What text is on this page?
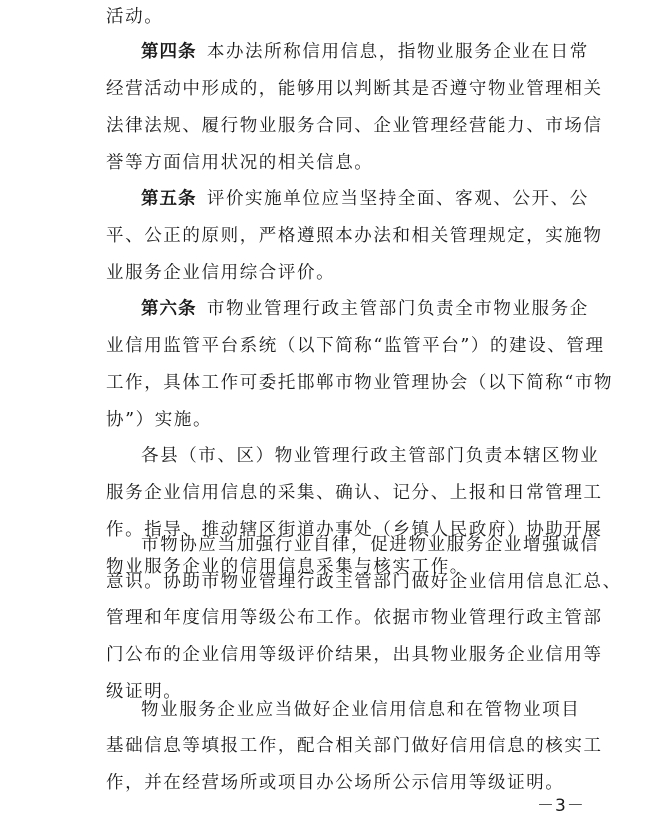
活动。
第四条  本办法所称信用信息，指物业服务企业在日常
经营活动中形成的，能够用以判断其是否遵守物业管理相关
法律法规、履行物业服务合同、企业管理经营能力、市场信
誉等方面信用状况的相关信息。
第五条  评价实施单位应当坚持全面、客观、公开、公
平、公正的原则，严格遵照本办法和相关管理规定，实施物
业服务企业信用综合评价。
第六条  市物业管理行政主管部门负责全市物业服务企
业信用监管平台系统（以下简称“监管平台”）的建设、管理
工作，具体工作可委托邯郸市物业管理协会（以下简称“市物
协”）实施。
各县（市、区）物业管理行政主管部门负责本辖区物业
服务企业信用信息的采集、确认、记分、上报和日常管理工
作。指导、推动辖区街道办事处（乡镇人民政府）协助开展
物业服务企业的信用信息采集与核实工作。
市物协应当加强行业自律，促进物业服务企业增强诚信
意识。协助市物业管理行政主管部门做好企业信用信息汇总、
管理和年度信用等级公布工作。依据市物业管理行政主管部
门公布的企业信用等级评价结果，出具物业服务企业信用等
级证明。
－3－
物业服务企业应当做好企业信用信息和在管物业项目
基础信息等填报工作，配合相关部门做好信用信息的核实工
作，并在经营场所或项目办公场所公示信用等级证明。
